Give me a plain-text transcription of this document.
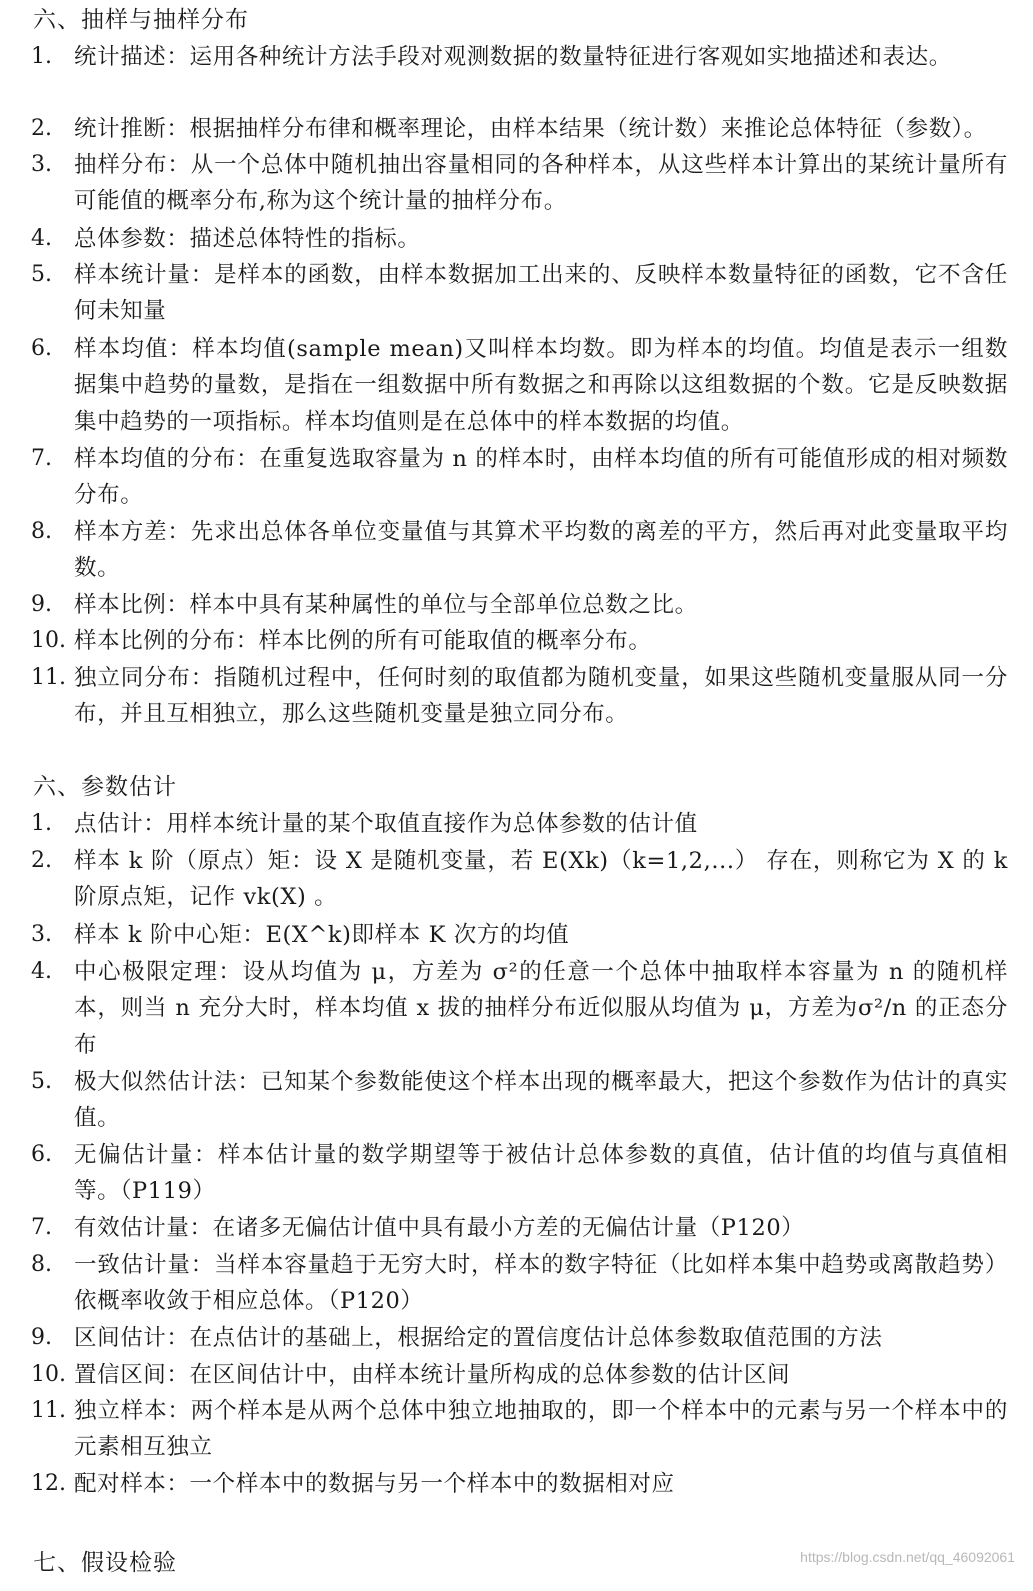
六、抽样与抽样分布
1. 统计描述：运用各种统计方法手段对观测数据的数量特征进行客观如实地描述和表达。
2. 统计推断：根据抽样分布律和概率理论，由样本结果（统计数）来推论总体特征（参数）。
3. 抽样分布：从一个总体中随机抽出容量相同的各种样本，从这些样本计算出的某统计量所有可能值的概率分布,称为这个统计量的抽样分布。
4. 总体参数：描述总体特性的指标。
5. 样本统计量：是样本的函数，由样本数据加工出来的、反映样本数量特征的函数，它不含任何未知量
6. 样本均值：样本均值(sample mean)又叫样本均数。即为样本的均值。均值是表示一组数据集中趋势的量数，是指在一组数据中所有数据之和再除以这组数据的个数。它是反映数据集中趋势的一项指标。样本均值则是在总体中的样本数据的均值。
7. 样本均值的分布：在重复选取容量为 n 的样本时，由样本均值的所有可能值形成的相对频数分布。
8. 样本方差：先求出总体各单位变量值与其算术平均数的离差的平方，然后再对此变量取平均数。
9. 样本比例：样本中具有某种属性的单位与全部单位总数之比。
10. 样本比例的分布：样本比例的所有可能取值的概率分布。
11. 独立同分布：指随机过程中，任何时刻的取值都为随机变量，如果这些随机变量服从同一分布，并且互相独立，那么这些随机变量是独立同分布。
六、参数估计
1. 点估计：用样本统计量的某个取值直接作为总体参数的估计值
2. 样本 k 阶（原点）矩：设 X 是随机变量，若 E(Xk)（k=1,2,...） 存在，则称它为 X 的 k 阶原点矩，记作 vk(X) 。
3. 样本 k 阶中心矩：E(X^k)即样本 K 次方的均值
4. 中心极限定理：设从均值为 μ，方差为 σ²的任意一个总体中抽取样本容量为 n 的随机样本，则当 n 充分大时，样本均值 x 拔的抽样分布近似服从均值为 μ，方差为σ²/n 的正态分布
5. 极大似然估计法：已知某个参数能使这个样本出现的概率最大，把这个参数作为估计的真实值。
6. 无偏估计量：样本估计量的数学期望等于被估计总体参数的真值，估计值的均值与真值相等。（P119）
7. 有效估计量：在诸多无偏估计值中具有最小方差的无偏估计量（P120）
8. 一致估计量：当样本容量趋于无穷大时，样本的数字特征（比如样本集中趋势或离散趋势）依概率收敛于相应总体。（P120）
9. 区间估计：在点估计的基础上，根据给定的置信度估计总体参数取值范围的方法
10. 置信区间：在区间估计中，由样本统计量所构成的总体参数的估计区间
11. 独立样本：两个样本是从两个总体中独立地抽取的，即一个样本中的元素与另一个样本中的元素相互独立
12. 配对样本：一个样本中的数据与另一个样本中的数据相对应
七、假设检验	https://blog.csdn.net/qq_46092061
